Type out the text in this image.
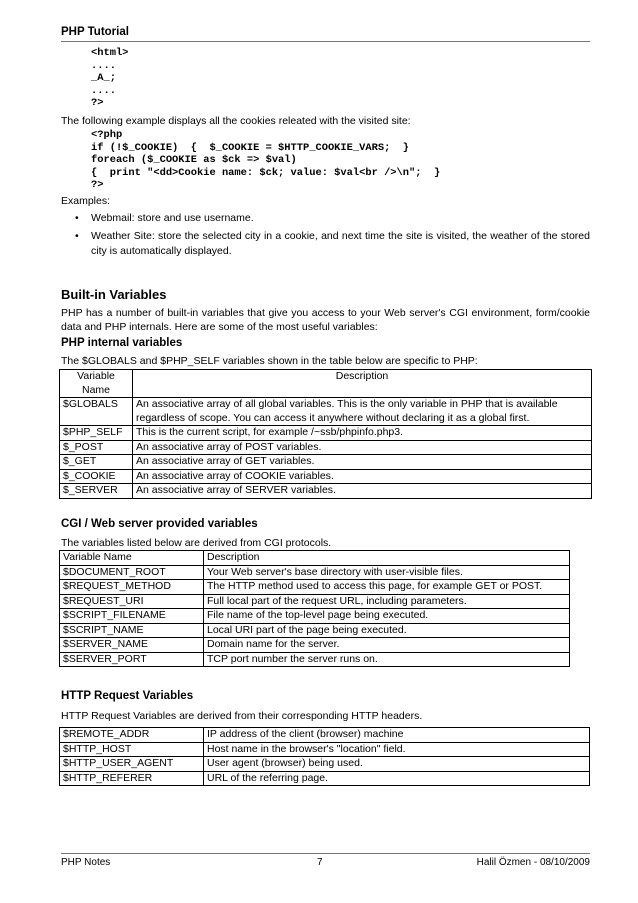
PHP Tutorial
<html>
....
_A_;
....
?>
The following example displays all the cookies releated with the visited site:
<?php
if (!$_COOKIE)  {  $_COOKIE = $HTTP_COOKIE_VARS;  }
foreach ($_COOKIE as $ck => $val)
{  print "<dd>Cookie name: $ck; value: $val<br />\n";  }
?>
Examples:
• Webmail: store and use username.
• Weather Site: store the selected city in a cookie, and next time the site is visited, the weather of the stored city is automatically displayed.
Built-in Variables
PHP has a number of built-in variables that give you access to your Web server's CGI environment, form/cookie data and PHP internals. Here are some of the most useful variables:
PHP internal variables
The $GLOBALS and $PHP_SELF variables shown in the table below are specific to PHP:
Variable Name	Description
$GLOBALS	An associative array of all global variables. This is the only variable in PHP that is available regardless of scope. You can access it anywhere without declaring it as a global first.
$PHP_SELF	This is the current script, for example /~ssb/phpinfo.php3.
$_POST	An associative array of POST variables.
$_GET	An associative array of GET variables.
$_COOKIE	An associative array of COOKIE variables.
$_SERVER	An associative array of SERVER variables.
CGI / Web server provided variables
The variables listed below are derived from CGI protocols.
Variable Name	Description
$DOCUMENT_ROOT	Your Web server's base directory with user-visible files.
$REQUEST_METHOD	The HTTP method used to access this page, for example GET or POST.
$REQUEST_URI	Full local part of the request URL, including parameters.
$SCRIPT_FILENAME	File name of the top-level page being executed.
$SCRIPT_NAME	Local URI part of the page being executed.
$SERVER_NAME	Domain name for the server.
$SERVER_PORT	TCP port number the server runs on.
HTTP Request Variables
HTTP Request Variables are derived from their corresponding HTTP headers.
$REMOTE_ADDR	IP address of the client (browser) machine
$HTTP_HOST	Host name in the browser's "location" field.
$HTTP_USER_AGENT	User agent (browser) being used.
$HTTP_REFERER	URL of the referring page.
PHP Notes	7	Halil Özmen - 08/10/2009
